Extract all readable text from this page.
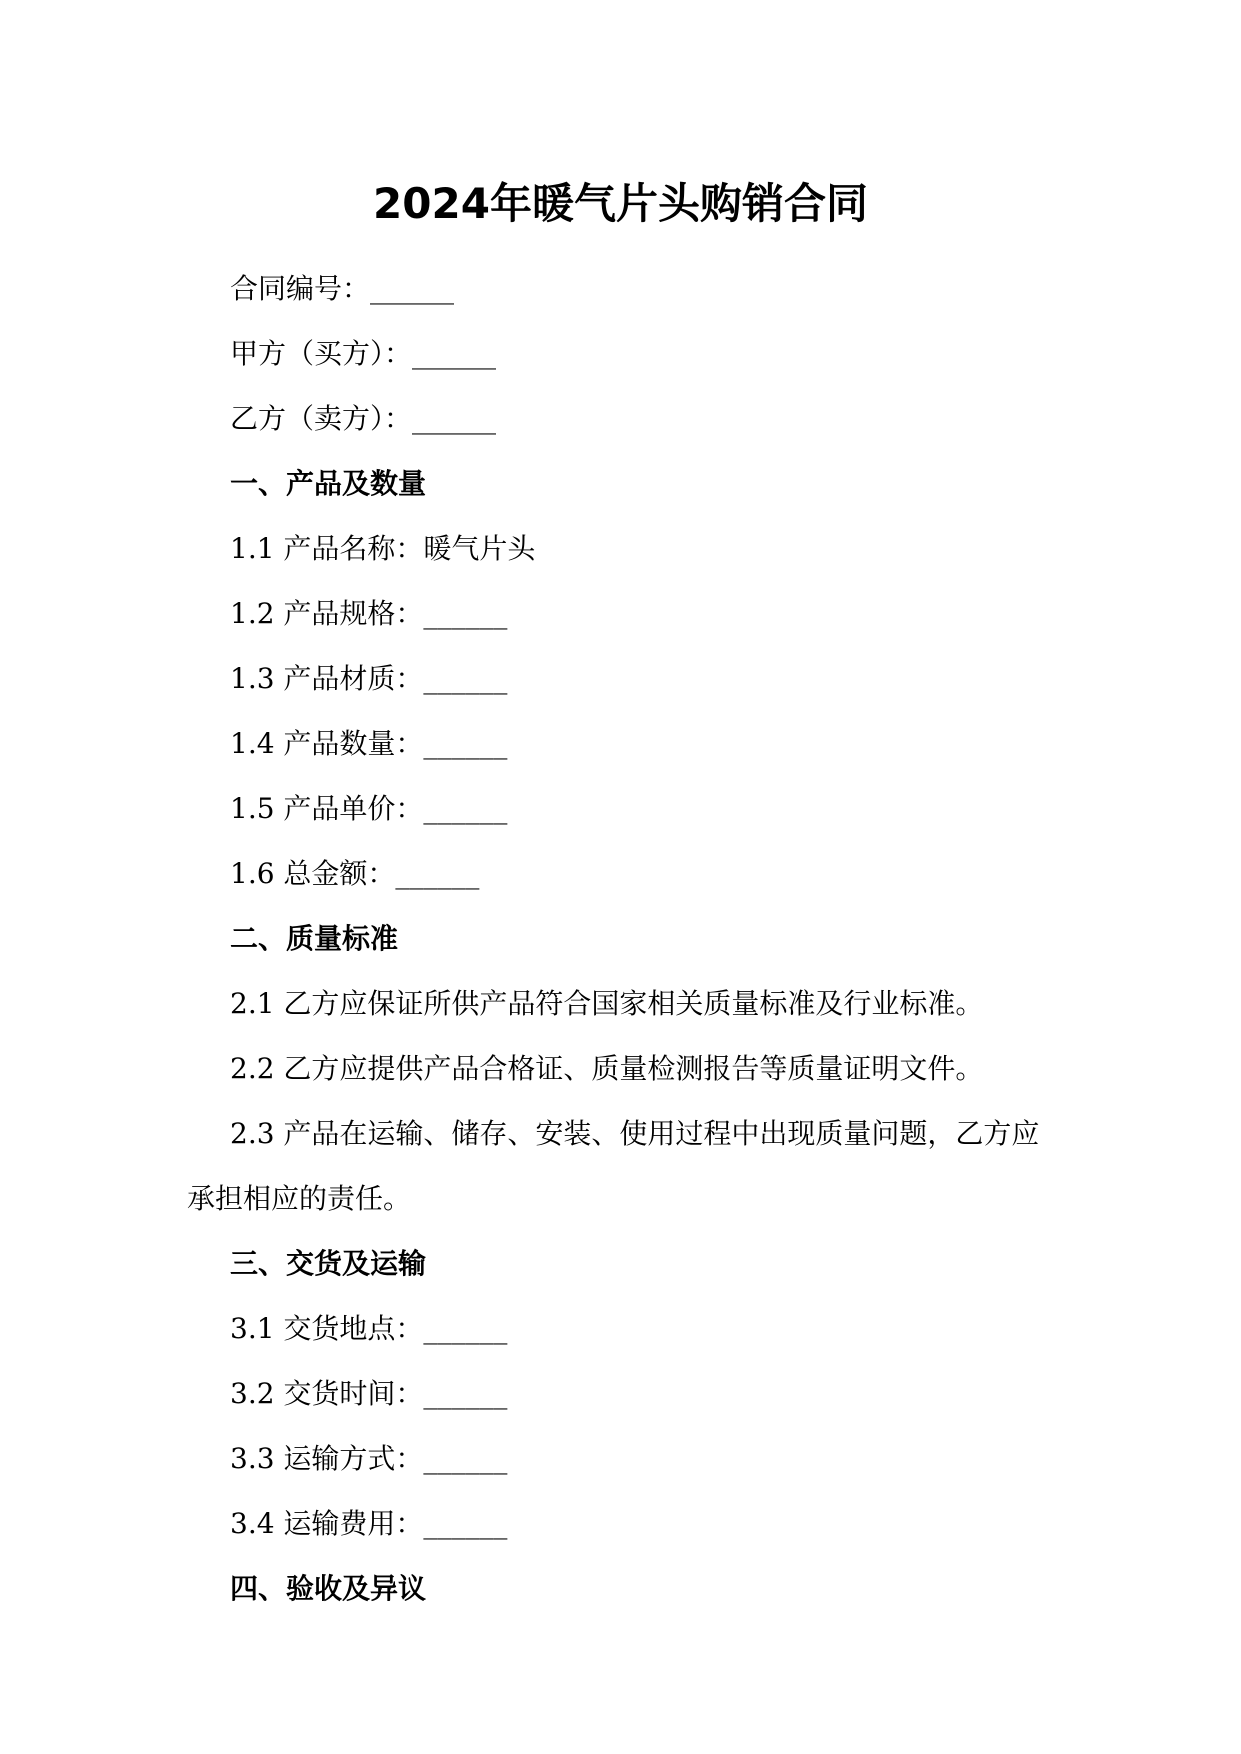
2024年暖气片头购销合同

合同编号：______

甲方（买方）：______

乙方（卖方）：______

一、产品及数量

1.1 产品名称：暖气片头

1.2 产品规格：______

1.3 产品材质：______

1.4 产品数量：______

1.5 产品单价：______

1.6 总金额：______

二、质量标准

2.1 乙方应保证所供产品符合国家相关质量标准及行业标准。

2.2 乙方应提供产品合格证、质量检测报告等质量证明文件。

2.3 产品在运输、储存、安装、使用过程中出现质量问题，乙方应承担相应的责任。

三、交货及运输

3.1 交货地点：______

3.2 交货时间：______

3.3 运输方式：______

3.4 运输费用：______

四、验收及异议
